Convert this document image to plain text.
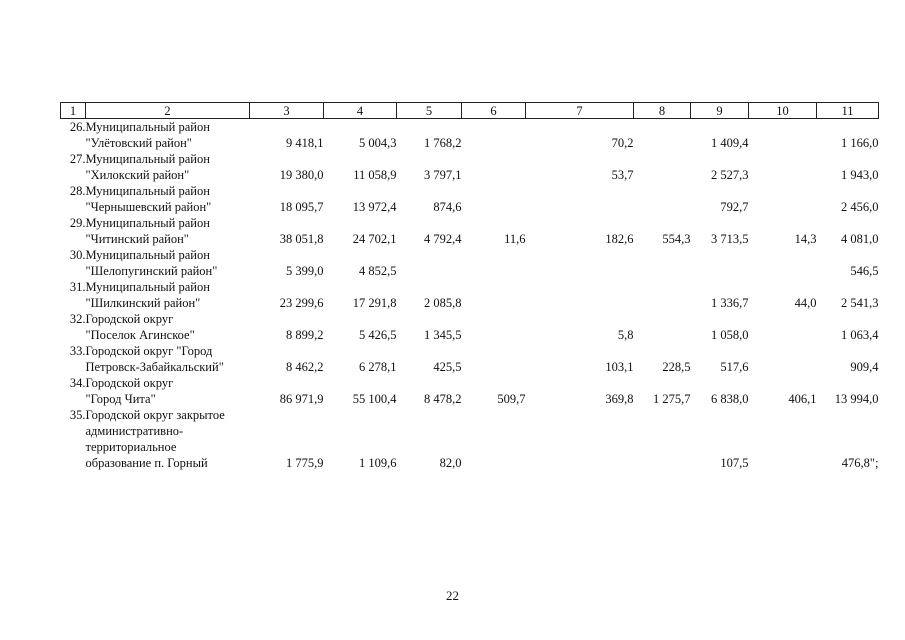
1	2	3	4	5	6	7	8	9	10	11
26.	Муниципальный район
"Улётовский район"	9 418,1	5 004,3	1 768,2		70,2		1 409,4		1 166,0
27.	Муниципальный район
"Хилокский район"	19 380,0	11 058,9	3 797,1		53,7		2 527,3		1 943,0
28.	Муниципальный район
"Чернышевский район"	18 095,7	13 972,4	874,6				792,7		2 456,0
29.	Муниципальный район
"Читинский район"	38 051,8	24 702,1	4 792,4	11,6	182,6	554,3	3 713,5	14,3	4 081,0
30.	Муниципальный район
"Шелопугинский район"	5 399,0	4 852,5							546,5
31.	Муниципальный район
"Шилкинский район"	23 299,6	17 291,8	2 085,8				1 336,7	44,0	2 541,3
32.	Городской округ
"Поселок Агинское"	8 899,2	5 426,5	1 345,5		5,8		1 058,0		1 063,4
33.	Городской округ "Город
Петровск-Забайкальский"	8 462,2	6 278,1	425,5		103,1	228,5	517,6		909,4
34.	Городской округ
"Город Чита"	86 971,9	55 100,4	8 478,2	509,7	369,8	1 275,7	6 838,0	406,1	13 994,0
35.	Городской округ закрытое
административно-
территориальное
образование п. Горный	1 775,9	1 109,6	82,0				107,5		476,8";
22
